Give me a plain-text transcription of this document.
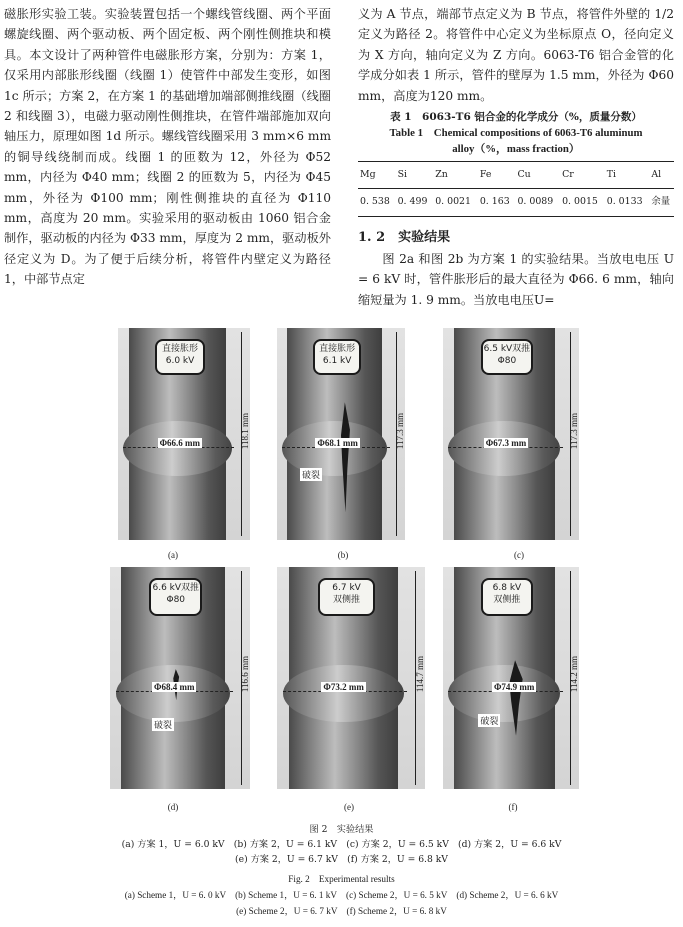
磁胀形实验工装。实验装置包括一个螺线管线圈、两个平面螺旋线圈、两个驱动板、两个固定板、两个刚性侧推块和模具。本文设计了两种管件电磁胀形方案，分别为：方案 1，仅采用内部胀形线圈（线圈 1）使管件中部发生变形，如图 1c 所示；方案 2，在方案 1 的基础增加端部侧推线圈（线圈 2 和线圈 3），电磁力驱动刚性侧推块，在管件端部施加双向轴压力，原理如图 1d 所示。螺线管线圈采用 3 mm×6 mm的铜导线绕制而成。线圈 1 的匝数为 12，外径为 Φ52 mm，内径为 Φ40 mm；线圈 2 的匝数为 5，内径为 Φ45 mm，外径为 Φ100 mm；刚性侧推块的直径为 Φ110 mm，高度为 20 mm。实验采用的驱动板由 1060 铝合金制作，驱动板的内径为 Φ33 mm，厚度为 2 mm，驱动板外径定义为 D。为了便于后续分析，将管件内壁定义为路径 1，中部节点定

义为 A 节点，端部节点定义为 B 节点，将管件外壁的 1/2 定义为路径 2。将管件中心定义为坐标原点 O，径向定义为 X 方向，轴向定义为 Z 方向。6063-T6 铝合金管的化学成分如表 1 所示，管件的壁厚为 1.5 mm，外径为 Φ60 mm，高度为120 mm。

表 1　6063-T6 铝合金的化学成分（%，质量分数）
Table 1　Chemical compositions of 6063-T6 aluminum
alloy（%，mass fraction）
Mg	Si	Zn	Fe	Cu	Cr	Ti	Al
0. 538	0. 499	0. 0021	0. 163	0. 0089	0. 0015	0. 0133	余量
1. 2　实验结果

图 2a 和图 2b 为方案 1 的实验结果。当放电电压 U = 6 kV 时，管件胀形后的最大直径为 Φ66. 6 mm，轴向缩短量为 1. 9 mm。当放电电压U=

直接胀形
6.0 kV
Φ66.6 mm	118.1 mm
(a)
直接胀形
6.1 kV
Φ68.1 mm
破裂
117.3 mm
(b)
6.5 kV双推
Φ80
Φ67.3 mm	117.3 mm
(c)
6.6 kV双推
Φ80
Φ68.4 mm
破裂
116.6 mm
(d)
6.7 kV
双侧推
Φ73.2 mm	114.7 mm
(e)
6.8 kV
双侧推
Φ74.9 mm
破裂
114.2 mm
(f)
图 2　实验结果
(a) 方案 1，U = 6.0 kV　(b) 方案 2，U = 6.1 kV　(c) 方案 2，U = 6.5 kV　(d) 方案 2，U = 6.6 kV
(e) 方案 2，U = 6.7 kV　(f) 方案 2，U = 6.8 kV
Fig. 2　Experimental results
(a) Scheme 1，U = 6. 0 kV　(b) Scheme 1，U = 6. 1 kV　(c) Scheme 2，U = 6. 5 kV　(d) Scheme 2，U = 6. 6 kV
(e) Scheme 2，U = 6. 7 kV　(f) Scheme 2，U = 6. 8 kV
